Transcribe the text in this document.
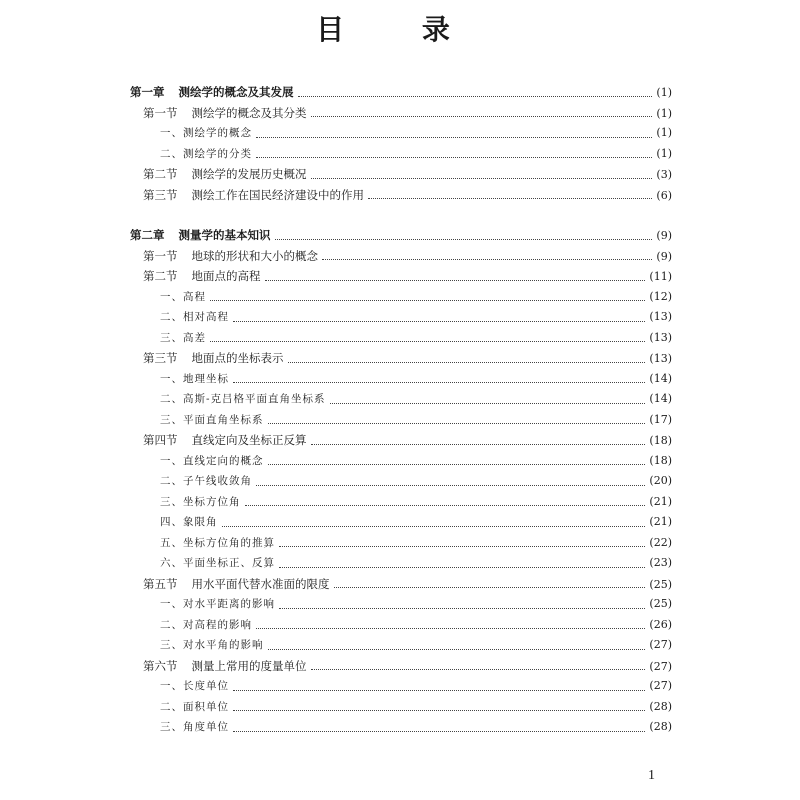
目 录
第一章 测绘学的概念及其发展	(1)
第一节 测绘学的概念及其分类	(1)
一、测绘学的概念	(1)
二、测绘学的分类	(1)
第二节 测绘学的发展历史概况	(3)
第三节 测绘工作在国民经济建设中的作用	(6)
第二章 测量学的基本知识	(9)
第一节 地球的形状和大小的概念	(9)
第二节 地面点的高程	(11)
一、高程	(12)
二、相对高程	(13)
三、高差	(13)
第三节 地面点的坐标表示	(13)
一、地理坐标	(14)
二、高斯-克吕格平面直角坐标系	(14)
三、平面直角坐标系	(17)
第四节 直线定向及坐标正反算	(18)
一、直线定向的概念	(18)
二、子午线收敛角	(20)
三、坐标方位角	(21)
四、象限角	(21)
五、坐标方位角的推算	(22)
六、平面坐标正、反算	(23)
第五节 用水平面代替水准面的限度	(25)
一、对水平距离的影响	(25)
二、对高程的影响	(26)
三、对水平角的影响	(27)
第六节 测量上常用的度量单位	(27)
一、长度单位	(27)
二、面积单位	(28)
三、角度单位	(28)
1
